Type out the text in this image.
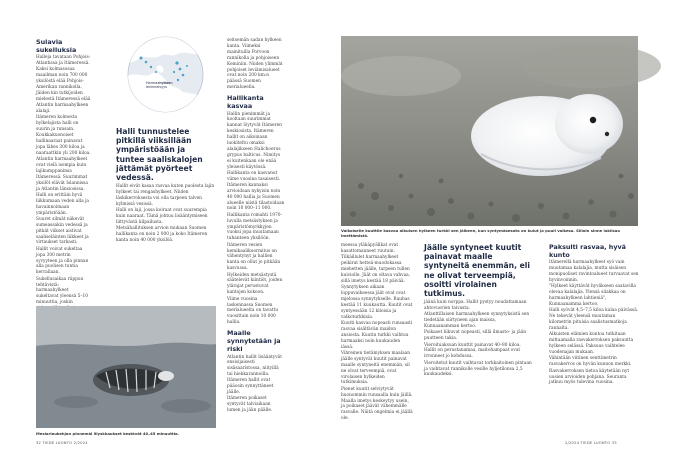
Sulavia sukelluksia

Halleja tavataan Pohjois-Atlantissa ja Itämeressä. Kaksi kolmasosaa maailman noin 700 000 yksilöstä elää Pohjois-Amerikan rannikolla. Jäiden kin tutkijoiden mielestä Itämeressä elää Atlantin harmaahylkeen alalaji.

Itämeren kolmesta hylkelajista halli on suurin ja runsain.

Koukkakuonoiset hallinaaraat painavat jopa lähes 300 kiloa ja naaraattkin yli 200 kiloa.

Atlantin harmaahylkeet ovat vielä isompia kuin lajikumppaninsa Itämeressä. Suurimmat yksilöt elävät Islannissa ja Atlantin länsiosissa.

Halli on erittäin hyvä liikkumaan veden alla ja havainnoimaan ympäristöään.

Suuret silmät näkevät sumeassakin vedessä ja pitkät viikset aistivat saaliseläinten liikkeet ja virtaukset tarkasti.

Hallit voivat sukeltaa jopa 300 metrin syvyyteen ja olla pinnan alla puolisen tuntia kerrallaan.

Sukellusaikaa riippuu tehtävistä: harmaahylkeet sukeltavat yleensä 5–10 minuuttia, joskin

Harmaahylkeen levinneisyys
Halli tunnustelee pitkillä viiksillään ympäristöään ja tuntee saaliskalojen jättämät pyörteet vedessä.

Hallit eivät kasaa rasvaa kuten puolesta lajin hylkeet tai rengashylkeet. Niiden läskikerroksesta voi olla tarpeen talven kylmissä vesissä.

Halli on laji, jossa koiraat ovat suurempia kuin naaraat. Tämä johtuu lisääntymiseen liittyvästä kilpailusta.

Metsähallituksen arvion mukaan Suomen hallikanta on noin 2 000 ja koko Itämeren kanta noin 40 000 yksilöä.

seitsemän sadan hylkeen kanta. Viimeksi mainituilla Porvoon rannikolla ja pohjoiseen Keminiin. Niiden ylimmät pohjoiset leviämisalueet ovat noin 200 km:n päässä Suomen merialueella.

Hallikanta kasvaa

Hallin pienimmät ja kooltaan suurimmat kannat löytyvät Itämeren keskiosista. Itämeren hallit on aikoinaan luokiteltu omaksi alalajikseen Halichoerus grypus balticus. Nimitys ei kuitenkaan ole enää yleisesti käytössä.

Hallikanta on kasvanut viime vuosina tasaisesti. Itämeren kannaksi arvioidaan nykyisin noin 40 000 hallia ja Suomen alueelle niistä tilastoidaan noin 10 000–11 000.

Hallikanta romahti 1970-luvulla metsästyksen ja ympäristömyrkkyjen vuoksi jopa muutamaan tuhanteen yksilöön.

Itämeren vesien kemikaalikuormitus on vähentynyt ja hallien kanta on ollut jo pitkään kasvussa.

Hylkeiden metsästystä säätelevät kiintiöt, joiden ylärajat perustuvat kantojen kokoon.

Viime vuosina laskennassa Suomen merialueelta on tavattu vuosittain noin 10 000 hallia.

Maalle synnytetään ja riski

Atlantin hallit lisääntyvät ensisijaisesti sisäsaaristossa, niityillä tai hiekkarannoilla. Itämeren hallit ovat pääosin synnyttäneet jäälle.

Itämeren poikaset syntyvät talviaikaan lumen ja jään päälle.

Mesiarlaukehjan pinnemäl illyskkaukset kestävät 40–45 minuuttia.
32 TIEDE LUONTO 2/2024
Valkoiselle kuuttile kasvaa aikuisen hylkeen turkki sen jälkeen, kun syntymäsesota on kulut ja puuli vaikesa. Silloin sinne lakiisaa imettämistä.

meessa yläkäpyällkat ovat kasattomanneet ruutuin.

Tilkäillulet harmaahylkeet peikirat hetteä-muodokassa miehetten jäälle, tarpeen tullen kuiviolle. Jäät on oltava vahvaa, sillä imetys kestää 18 päivää.

Synnytyksen aikaan loppuvaiheessa jäät ovat ovat mjelossa synnytykselle. Rauhas kestää 11 kuukautta. Kuutit ovat syntyessään 12 kiloisia ja valkoturkkisia.

Kuutti kasvaa nopeasti runsaasti rasvaa sisältävän maidon ansiosta. Kuutin turkki vaihtuu harmaaksi noin kuukauden iässä.

Vihreinen tietämyksen maalaan jäälle syntyvät kuutit painavat maalle syntyneitä enemmän, sil ne olvat terveempiä, ovat virolaisen hylkeiden tutkimuksia.

Pienet kuutit selviytyvät huonommin runsaalla kuin jäillä. Maalla imetys keskeytyy usein, ja poikaset jäävät vähemmälle rasvalle. Näitä ongelmia ei jäällä ole.

Jäälle syntyneet kuutit painavat maalle syntyneitä enemmän, eli ne olivat terveempiä, osoitti virolainen tutkimus.

jäänä kuin norppa. Hallit pystyy noudattamaan ahtovuorien taivasta.

Atlanttillaisen harmaahylkeen synnytyksistä sen tiedetään siirtyneen ajan maissa, Kunnaanamman kertoo.

Poikaset liikuvat nopeasti, sillä ilmasto- ja jään puutteen takia.

Vieroituaksuan kuuttit painavat 40–80 kiloa. Hallit on perustanamaa, maitohampaat ovat irronneet jo kohdussa.

Vieroitetut kuutit vaihtavat torkkaitoinen pintaan ja vaihtavat rannikolle vesille hyljetilonsa 2,5 kuukaudeksi.

Paksulti rasvaa, hyvä kunto

Itämerellä harmaahylkeet syö vain muutamaa kalalajia, mutta sisäisen monipuoliset ravintoalueet turvaavat sen hyvinvoinnin.

"Hylkeet käyttävät hyväkseen saatavilla olevaa kalalajia. Ylensä silakkaa on harmaahylkeen lahtieniä", Kunnaanamma kertoo.

Halli syövät 4,5–7,5 kiloa kalaa päivässä. Ne tekevät yleensä muutaman kilometrin pituisia saalistusmatkoja rannalta.

Alkuisten elämien kuntoa tutkitaan mittaamalla rasvakerroksen paksuutta hylkeen selässä. Paksuus vaihtelee vuodenajan mukaan.

Vähintään viitinen senttimetrin rasvakerros on hyvän kunnon merkki.

Rasvakerroksen tietoa käytetään nyt uusien arvioiden pohjana. Seuranta jatkuu myös tulevina vuosina.

2/2024 TIEDE LUONTO 33
